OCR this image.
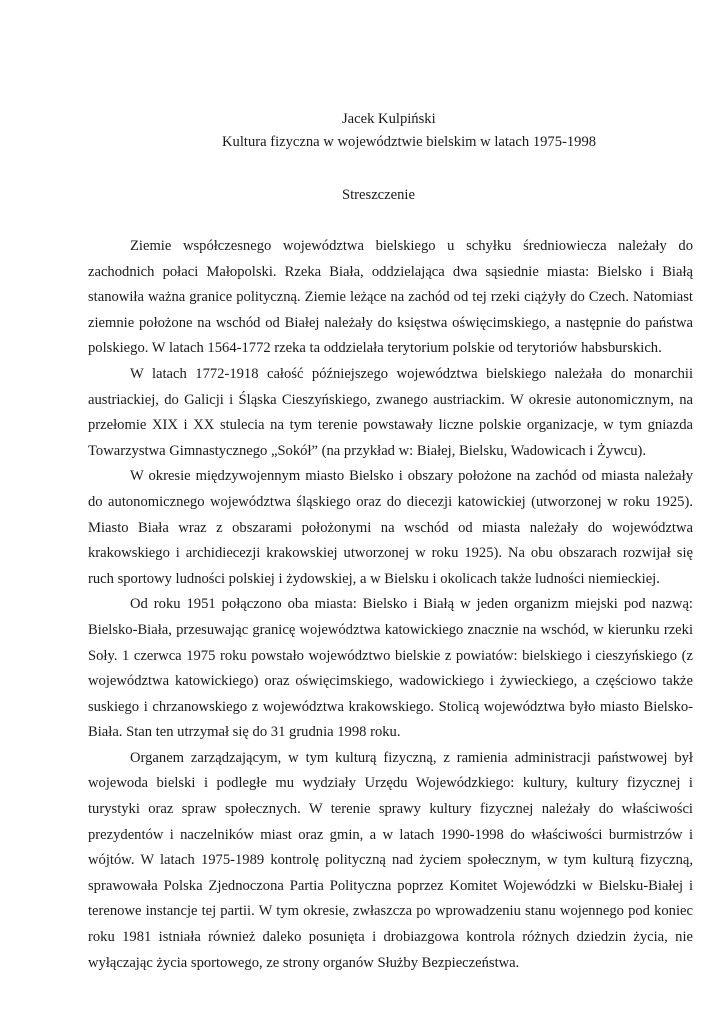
Jacek Kulpiński
Kultura fizyczna w województwie bielskim w latach 1975-1998
Streszczenie

Ziemie współczesnego województwa bielskiego u schyłku średniowiecza należały do zachodnich połaci Małopolski. Rzeka Biała, oddzielająca dwa sąsiednie miasta: Bielsko i Białą stanowiła ważna granice polityczną. Ziemie leżące na zachód od tej rzeki ciążyły do Czech. Natomiast ziemnie położone na wschód od Białej należały do księstwa oświęcimskiego, a następnie do państwa polskiego. W latach 1564-1772 rzeka ta oddzielała terytorium polskie od terytoriów habsburskich.

W latach 1772-1918 całość późniejszego województwa bielskiego należała do monarchii austriackiej, do Galicji i Śląska Cieszyńskiego, zwanego austriackim. W okresie autonomicznym, na przełomie XIX i XX stulecia na tym terenie powstawały liczne polskie organizacje, w tym gniazda Towarzystwa Gimnastycznego „Sokół” (na przykład w: Białej, Bielsku, Wadowicach i Żywcu).

W okresie międzywojennym miasto Bielsko i obszary położone na zachód od miasta należały do autonomicznego województwa śląskiego oraz do diecezji katowickiej (utworzonej w roku 1925). Miasto Biała wraz z obszarami położonymi na wschód od miasta należały do województwa krakowskiego i archidiecezji krakowskiej utworzonej w roku 1925). Na obu obszarach rozwijał się ruch sportowy ludności polskiej i żydowskiej, a w Bielsku i okolicach także ludności niemieckiej.

Od roku 1951 połączono oba miasta: Bielsko i Białą w jeden organizm miejski pod nazwą: Bielsko-Biała, przesuwając granicę województwa katowickiego znacznie na wschód, w kierunku rzeki Soły. 1 czerwca 1975 roku powstało województwo bielskie z powiatów: bielskiego i cieszyńskiego (z województwa katowickiego) oraz oświęcimskiego, wadowickiego i żywieckiego, a częściowo także suskiego i chrzanowskiego z województwa krakowskiego. Stolicą województwa było miasto Bielsko-Biała. Stan ten utrzymał się do 31 grudnia 1998 roku.

Organem zarządzającym, w tym kulturą fizyczną, z ramienia administracji państwowej był wojewoda bielski i podległe mu wydziały Urzędu Wojewódzkiego: kultury, kultury fizycznej i turystyki oraz spraw społecznych. W terenie sprawy kultury fizycznej należały do właściwości prezydentów i naczelników miast oraz gmin, a w latach 1990-1998 do właściwości burmistrzów i wójtów. W latach 1975-1989 kontrolę polityczną nad życiem społecznym, w tym kulturą fizyczną, sprawowała Polska Zjednoczona Partia Polityczna poprzez Komitet Wojewódzki w Bielsku-Białej i terenowe instancje tej partii. W tym okresie, zwłaszcza po wprowadzeniu stanu wojennego pod koniec roku 1981 istniała również daleko posunięta i drobiazgowa kontrola różnych dziedzin życia, nie wyłączając życia sportowego, ze strony organów Służby Bezpieczeństwa.
